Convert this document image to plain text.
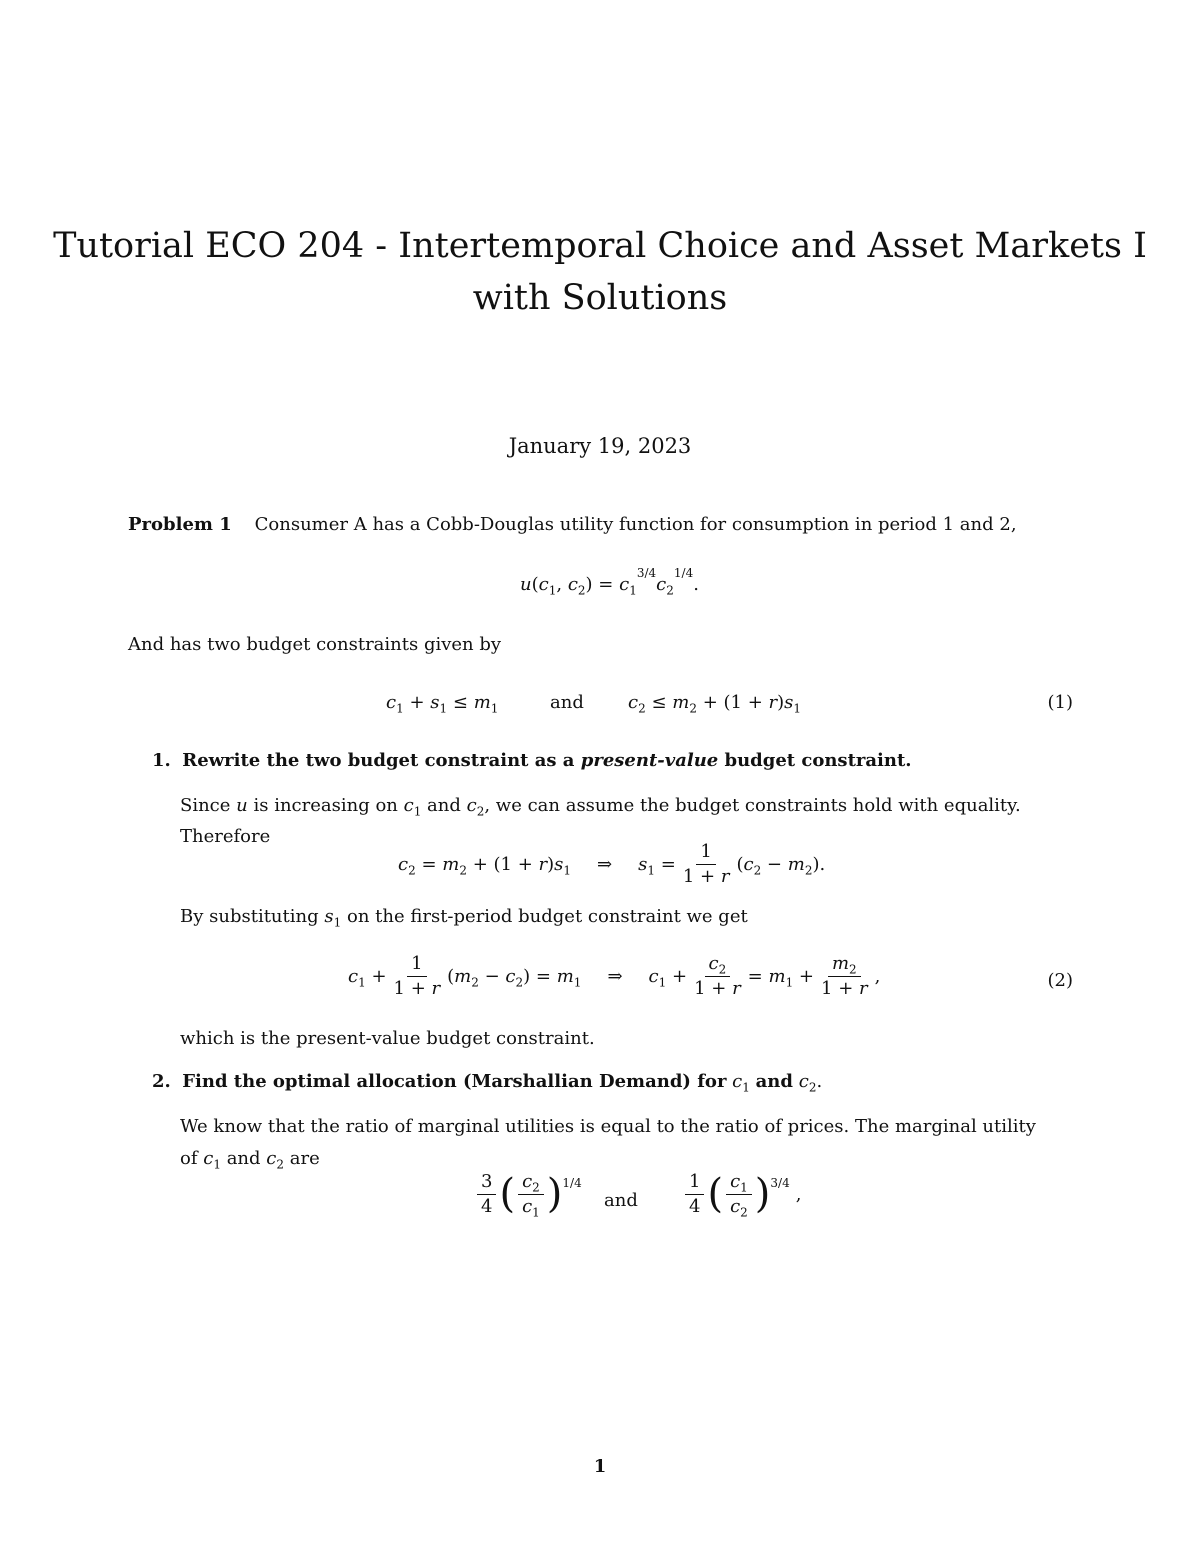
Tutorial ECO 204 - Intertemporal Choice and Asset Markets I
with Solutions
January 19, 2023
Problem 1 Consumer A has a Cobb-Douglas utility function for consumption in period 1 and 2,
$u(c_1$, $c_2) = c_1^{3/4}c_2^{1/4}$.
And has two budget constraints given by
$c_1 + s_1 \le m_1$	and $c_2 \le m_2 + (1 + r)s_1$	(1)
1. Rewrite the two budget constraint as a present-value budget constraint.
Since u is increasing on $c_1$ and $c_2$, we can assume the budget constraints hold with equality.
Therefore
$c_2 = m_2 + (1 + r)s_1$ ⇒ $s_1 = \frac{1}{1 + r} (c_2 - m_2)$.
By substituting $s_1$ on the first-period budget constraint we get
$c_1 + \frac{1}{1 + r} (m_2 - c_2) = m_1$ ⇒ $c_1 + \frac{c_2}{1 + r} = m_1 + \frac{m_2}{1 + r}$ ,	(2)
which is the present-value budget constraint.
2. Find the optimal allocation (Marshallian Demand) for $c_1$ and $c_2$.
We know that the ratio of marginal utilities is equal to the ratio of prices. The marginal utility
of $c_1$ and $c_2$ are
$\frac{3}{4}$ ( $\frac{c_2}{c_1}$ ) 1/4
and	$\frac{1}{4}$ ( $\frac{c_1}{c_2}$ ) 3/4
,
1
